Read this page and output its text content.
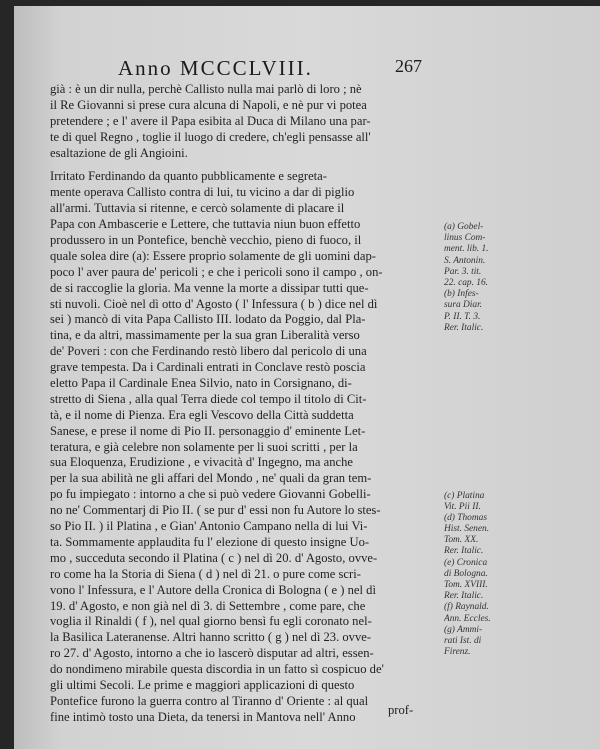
Anno MCCCLVIII.	267
già : è un dir nulla, perchè Callisto nulla mai parlò di loro ; nè
il Re Giovanni si prese cura alcuna di Napoli, e nè pur vi potea
pretendere ; e l' avere il Papa esibita al Duca di Milano una par-
te di quel Regno , toglie il luogo di credere, ch'egli pensasse all'
esaltazione de gli Angioini.
Irritato Ferdinando da quanto pubblicamente e segreta-
mente operava Callisto contra di lui, tu vicino a dar di piglio
all'armi. Tuttavia si ritenne, e cercò solamente di placare il
Papa con Ambascerie e Lettere, che tuttavia niun buon effetto
produssero in un Pontefice, benchè vecchio, pieno di fuoco, il
quale solea dire (a): Essere proprio solamente de gli uomini dap-
poco l' aver paura de' pericoli ; e che i pericoli sono il campo , on-
de si raccoglie la gloria. Ma venne la morte a dissipar tutti que-
sti nuvoli. Cioè nel dì otto d' Agosto ( l' Infessura ( b ) dice nel dì
sei ) mancò di vita Papa Callisto III. lodato da Poggio, dal Pla-
tina, e da altri, massimamente per la sua gran Liberalità verso
de' Poveri : con che Ferdinando restò libero dal pericolo di una
grave tempesta. Da i Cardinali entrati in Conclave restò poscia
eletto Papa il Cardinale Enea Silvio, nato in Corsignano, di-
stretto di Siena , alla qual Terra diede col tempo il titolo di Cit-
tà, e il nome di Pienza. Era egli Vescovo della Città suddetta
Sanese, e prese il nome di Pio II. personaggio d' eminente Let-
teratura, e già celebre non solamente per li suoi scritti , per la
sua Eloquenza, Erudizione , e vivacità d' Ingegno, ma anche
per la sua abilità ne gli affari del Mondo , ne' quali da gran tem-
po fu impiegato : intorno a che si può vedere Giovanni Gobelli-
no ne' Commentarj di Pio II. ( se pur d' essi non fu Autore lo stes-
so Pio II. ) il Platina , e Gian' Antonio Campano nella di lui Vi-
ta. Sommamente applaudita fu l' elezione di questo insigne Uo-
mo , succeduta secondo il Platina ( c ) nel dì 20. d' Agosto, ovve-
ro come ha la Storia di Siena ( d ) nel dì 21. o pure come scri-
vono l' Infessura, e l' Autore della Cronica di Bologna ( e ) nel dì
19. d' Agosto, e non già nel dì 3. di Settembre , come pare, che
voglia il Rinaldi ( f ), nel qual giorno bensì fu egli coronato nel-
la Basilica Lateranense. Altri hanno scritto ( g ) nel dì 23. ovve-
ro 27. d' Agosto, intorno a che io lascerò disputar ad altri, essen-
do nondimeno mirabile questa discordia in un fatto sì cospicuo de'
gli ultimi Secoli. Le prime e maggiori applicazioni di questo
Pontefice furono la guerra contro al Tiranno d' Oriente : al qual
fine intimò tosto una Dieta, da tenersi in Mantova nell' Anno
(a) Gobel-
linus Com-
ment. lib. 1.
S. Antonin.
Par. 3. tit.
22. cap. 16.
(b) Infes-
sura Diar.
P. II. T. 3.
Rer. Italic.
(c) Platina
Vit. Pii II.
(d) Thomas
Hist. Senen.
Tom. XX.
Rer. Italic.
(e) Cronica
di Bologna.
Tom. XVIII.
Rer. Italic.
(f) Raynald.
Ann. Eccles.
(g) Ammi-
rati Ist. di
Firenz.
prof-
